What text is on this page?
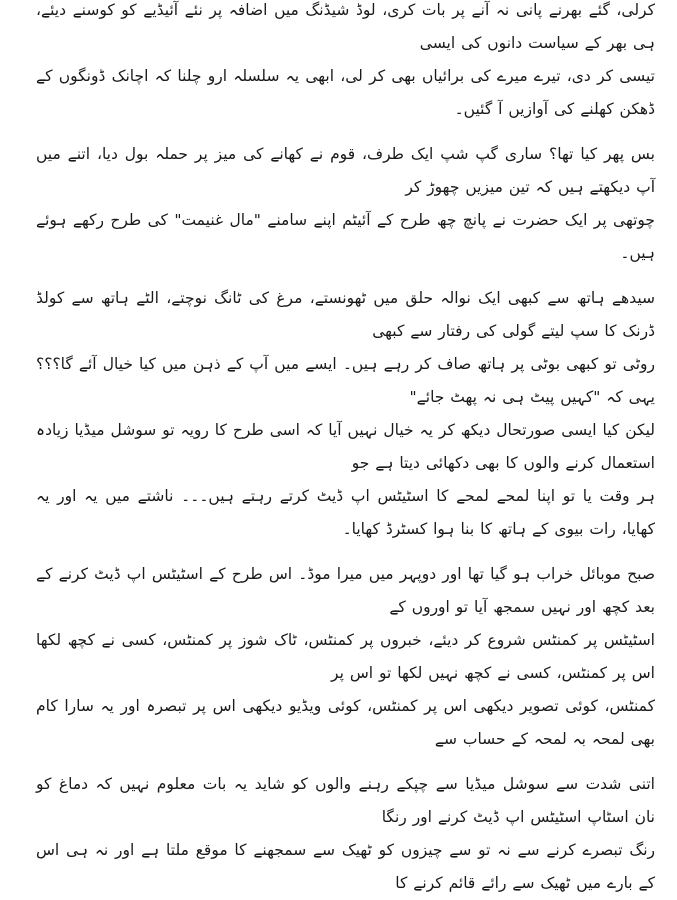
کرلی، گئے بھرنے پانی نہ آنے پر بات کری، لوڈ شیڈنگ میں اضافہ پر نئے آئیڈیے کو کوسنے دیئے، ہی بھر کے سیاست دانوں کی ایسی

تیسی کر دی، تیرے میرے کی برائیاں بھی کر لی، ابھی یہ سلسلہ ارو چلنا کہ اچانک ڈونگوں کے ڈھکن کھلنے کی آوازیں آ گئیں۔

بس پھر کیا تھا؟ ساری گپ شپ ایک طرف، قوم نے کھانے کی میز پر حملہ بول دیا، اتنے میں آپ دیکھتے ہیں کہ تین میزیں چھوڑ کر

چوتھی پر ایک حضرت نے پانچ چھ طرح کے آئیٹم اپنے سامنے "مال غنیمت" کی طرح رکھے ہوئے ہیں۔

سیدھے ہاتھ سے کبھی ایک نوالہ حلق میں ٹھونستے، مرغ کی ٹانگ نوچتے، الٹے ہاتھ سے کولڈ ڈرنک کا سپ لیتے گولی کی رفتار سے کبھی

روٹی تو کبھی بوٹی پر ہاتھ صاف کر رہے ہیں۔ ایسے میں آپ کے ذہن میں کیا خیال آئے گا؟؟؟ یہی کہ "کہیں پیٹ ہی نہ پھٹ جائے"

لیکن کیا ایسی صورتحال دیکھ کر یہ خیال نہیں آیا کہ اسی طرح کا رویہ تو سوشل میڈیا زیادہ استعمال کرنے والوں کا بھی دکھائی دیتا ہے جو

ہر وقت یا تو اپنا لمحے لمحے کا اسٹیٹس اپ ڈیٹ کرتے رہتے ہیں۔۔۔ ناشتے میں یہ اور یہ کھایا، رات بیوی کے ہاتھ کا بنا ہوا کسٹرڈ کھایا۔

صبح موبائل خراب ہو گیا تھا اور دوپہر میں میرا موڈ۔ اس طرح کے اسٹیٹس اپ ڈیٹ کرنے کے بعد کچھ اور نہیں سمجھ آیا تو اوروں کے

اسٹیٹس پر کمنٹس شروع کر دیئے، خبروں پر کمنٹس، ٹاک شوز پر کمنٹس، کسی نے کچھ لکھا اس پر کمنٹس، کسی نے کچھ نہیں لکھا تو اس پر

کمنٹس، کوئی تصویر دیکھی اس پر کمنٹس، کوئی ویڈیو دیکھی اس پر تبصرہ اور یہ سارا کام بھی لمحہ بہ لمحہ کے حساب سے

اتنی شدت سے سوشل میڈیا سے چپکے رہنے والوں کو شاید یہ بات معلوم نہیں کہ دماغ کو نان اسٹاپ اسٹیٹس اپ ڈیٹ کرنے اور رنگا

رنگ تبصرے کرنے سے نہ تو سے چیزوں کو ٹھیک سے سمجھنے کا موقع ملتا ہے اور نہ ہی اس کے بارے میں ٹھیک سے رائے قائم کرنے کا
